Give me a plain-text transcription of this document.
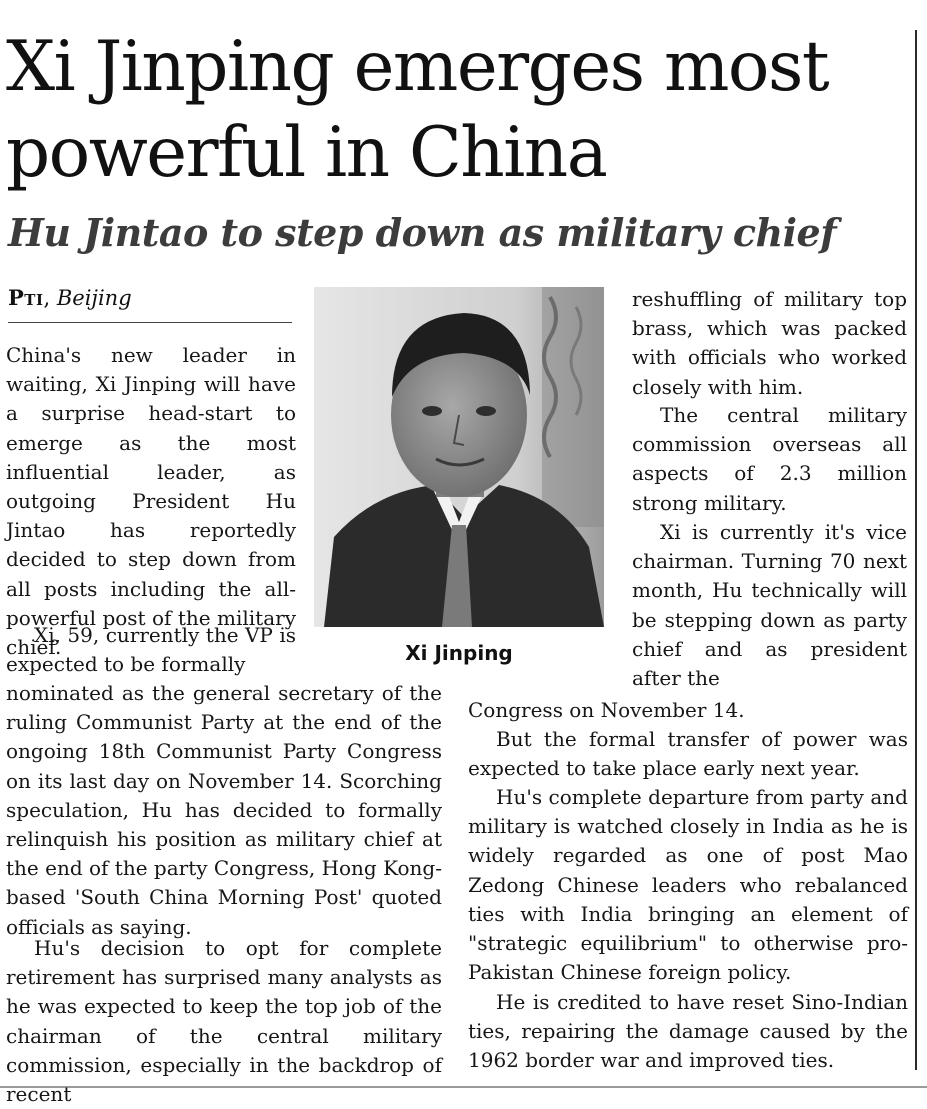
Xi Jinping emerges most powerful in China
Hu Jintao to step down as military chief
Pti, Beijing

China's new leader in waiting, Xi Jinping will have a surprise head-start to emerge as the most influential leader, as outgoing President Hu Jintao has reportedly decided to step down from all posts including the all-powerful post of the military chief.

Xi, 59, currently the VP is expected to be formally

nominated as the general secretary of the ruling Communist Party at the end of the ongoing 18th Communist Party Congress on its last day on November 14. Scorching speculation, Hu has decided to formally relinquish his position as military chief at the end of the party Congress, Hong Kong-based 'South China Morning Post' quoted officials as saying.

Hu's decision to opt for complete retirement has surprised many analysts as he was expected to keep the top job of the chairman of the central military commission, especially in the backdrop of recent

Xi Jinping

reshuffling of military top brass, which was packed with officials who worked closely with him.

The central military commission overseas all aspects of 2.3 million strong military.

Xi is currently it's vice chairman. Turning 70 next month, Hu technically will be stepping down as party chief and as president after the

Congress on November 14.

But the formal transfer of power was expected to take place early next year.

Hu's complete departure from party and military is watched closely in India as he is widely regarded as one of post Mao Zedong Chinese leaders who rebalanced ties with India bringing an element of "strategic equilibrium" to otherwise pro-Pakistan Chinese foreign policy.

He is credited to have reset Sino-Indian ties, repairing the damage caused by the 1962 border war and improved ties.
